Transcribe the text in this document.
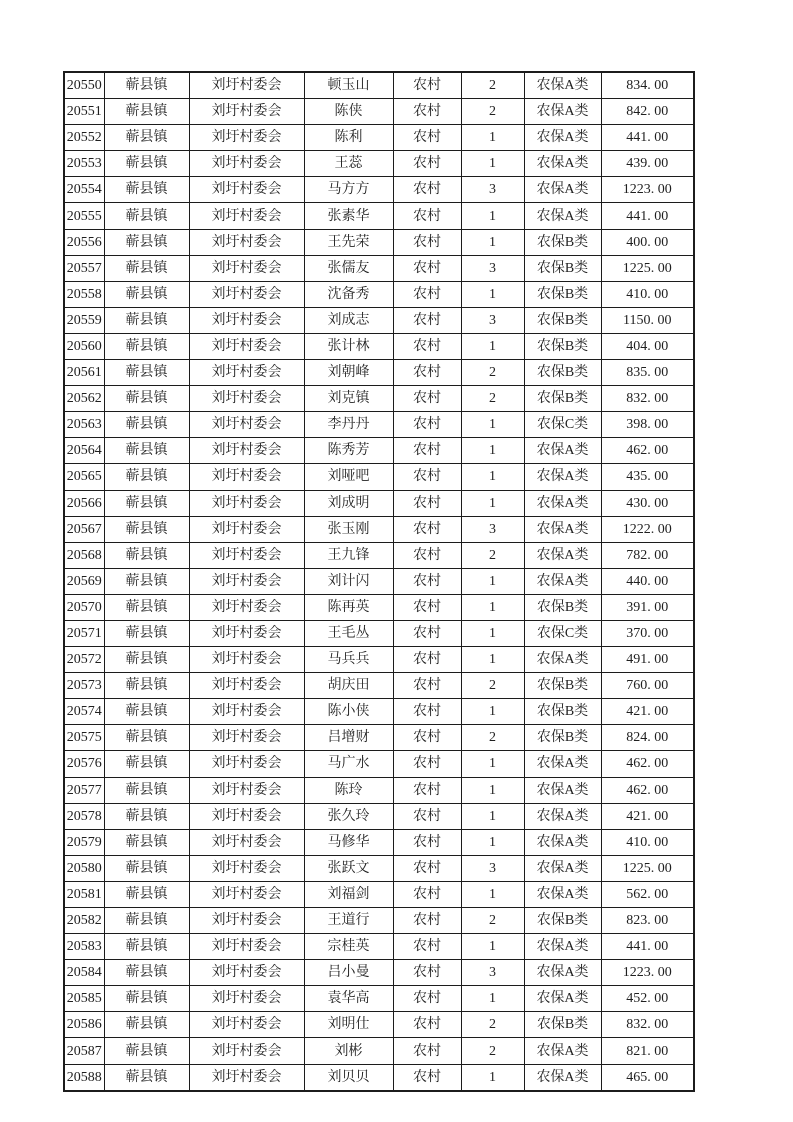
20550	蕲县镇	刘圩村委会	顿玉山	农村	2	农保A类	834. 00
20551	蕲县镇	刘圩村委会	陈侠	农村	2	农保A类	842. 00
20552	蕲县镇	刘圩村委会	陈利	农村	1	农保A类	441. 00
20553	蕲县镇	刘圩村委会	王蕊	农村	1	农保A类	439. 00
20554	蕲县镇	刘圩村委会	马方方	农村	3	农保A类	1223. 00
20555	蕲县镇	刘圩村委会	张素华	农村	1	农保A类	441. 00
20556	蕲县镇	刘圩村委会	王先荣	农村	1	农保B类	400. 00
20557	蕲县镇	刘圩村委会	张儒友	农村	3	农保B类	1225. 00
20558	蕲县镇	刘圩村委会	沈备秀	农村	1	农保B类	410. 00
20559	蕲县镇	刘圩村委会	刘成志	农村	3	农保B类	1150. 00
20560	蕲县镇	刘圩村委会	张计林	农村	1	农保B类	404. 00
20561	蕲县镇	刘圩村委会	刘朝峰	农村	2	农保B类	835. 00
20562	蕲县镇	刘圩村委会	刘克镇	农村	2	农保B类	832. 00
20563	蕲县镇	刘圩村委会	李丹丹	农村	1	农保C类	398. 00
20564	蕲县镇	刘圩村委会	陈秀芳	农村	1	农保A类	462. 00
20565	蕲县镇	刘圩村委会	刘哑吧	农村	1	农保A类	435. 00
20566	蕲县镇	刘圩村委会	刘成明	农村	1	农保A类	430. 00
20567	蕲县镇	刘圩村委会	张玉刚	农村	3	农保A类	1222. 00
20568	蕲县镇	刘圩村委会	王九锋	农村	2	农保A类	782. 00
20569	蕲县镇	刘圩村委会	刘计闪	农村	1	农保A类	440. 00
20570	蕲县镇	刘圩村委会	陈再英	农村	1	农保B类	391. 00
20571	蕲县镇	刘圩村委会	王毛丛	农村	1	农保C类	370. 00
20572	蕲县镇	刘圩村委会	马兵兵	农村	1	农保A类	491. 00
20573	蕲县镇	刘圩村委会	胡庆田	农村	2	农保B类	760. 00
20574	蕲县镇	刘圩村委会	陈小侠	农村	1	农保B类	421. 00
20575	蕲县镇	刘圩村委会	吕增财	农村	2	农保B类	824. 00
20576	蕲县镇	刘圩村委会	马广水	农村	1	农保A类	462. 00
20577	蕲县镇	刘圩村委会	陈玲	农村	1	农保A类	462. 00
20578	蕲县镇	刘圩村委会	张久玲	农村	1	农保A类	421. 00
20579	蕲县镇	刘圩村委会	马修华	农村	1	农保A类	410. 00
20580	蕲县镇	刘圩村委会	张跃文	农村	3	农保A类	1225. 00
20581	蕲县镇	刘圩村委会	刘福剑	农村	1	农保A类	562. 00
20582	蕲县镇	刘圩村委会	王道行	农村	2	农保B类	823. 00
20583	蕲县镇	刘圩村委会	宗桂英	农村	1	农保A类	441. 00
20584	蕲县镇	刘圩村委会	吕小曼	农村	3	农保A类	1223. 00
20585	蕲县镇	刘圩村委会	袁华高	农村	1	农保A类	452. 00
20586	蕲县镇	刘圩村委会	刘明仕	农村	2	农保B类	832. 00
20587	蕲县镇	刘圩村委会	刘彬	农村	2	农保A类	821. 00
20588	蕲县镇	刘圩村委会	刘贝贝	农村	1	农保A类	465. 00
